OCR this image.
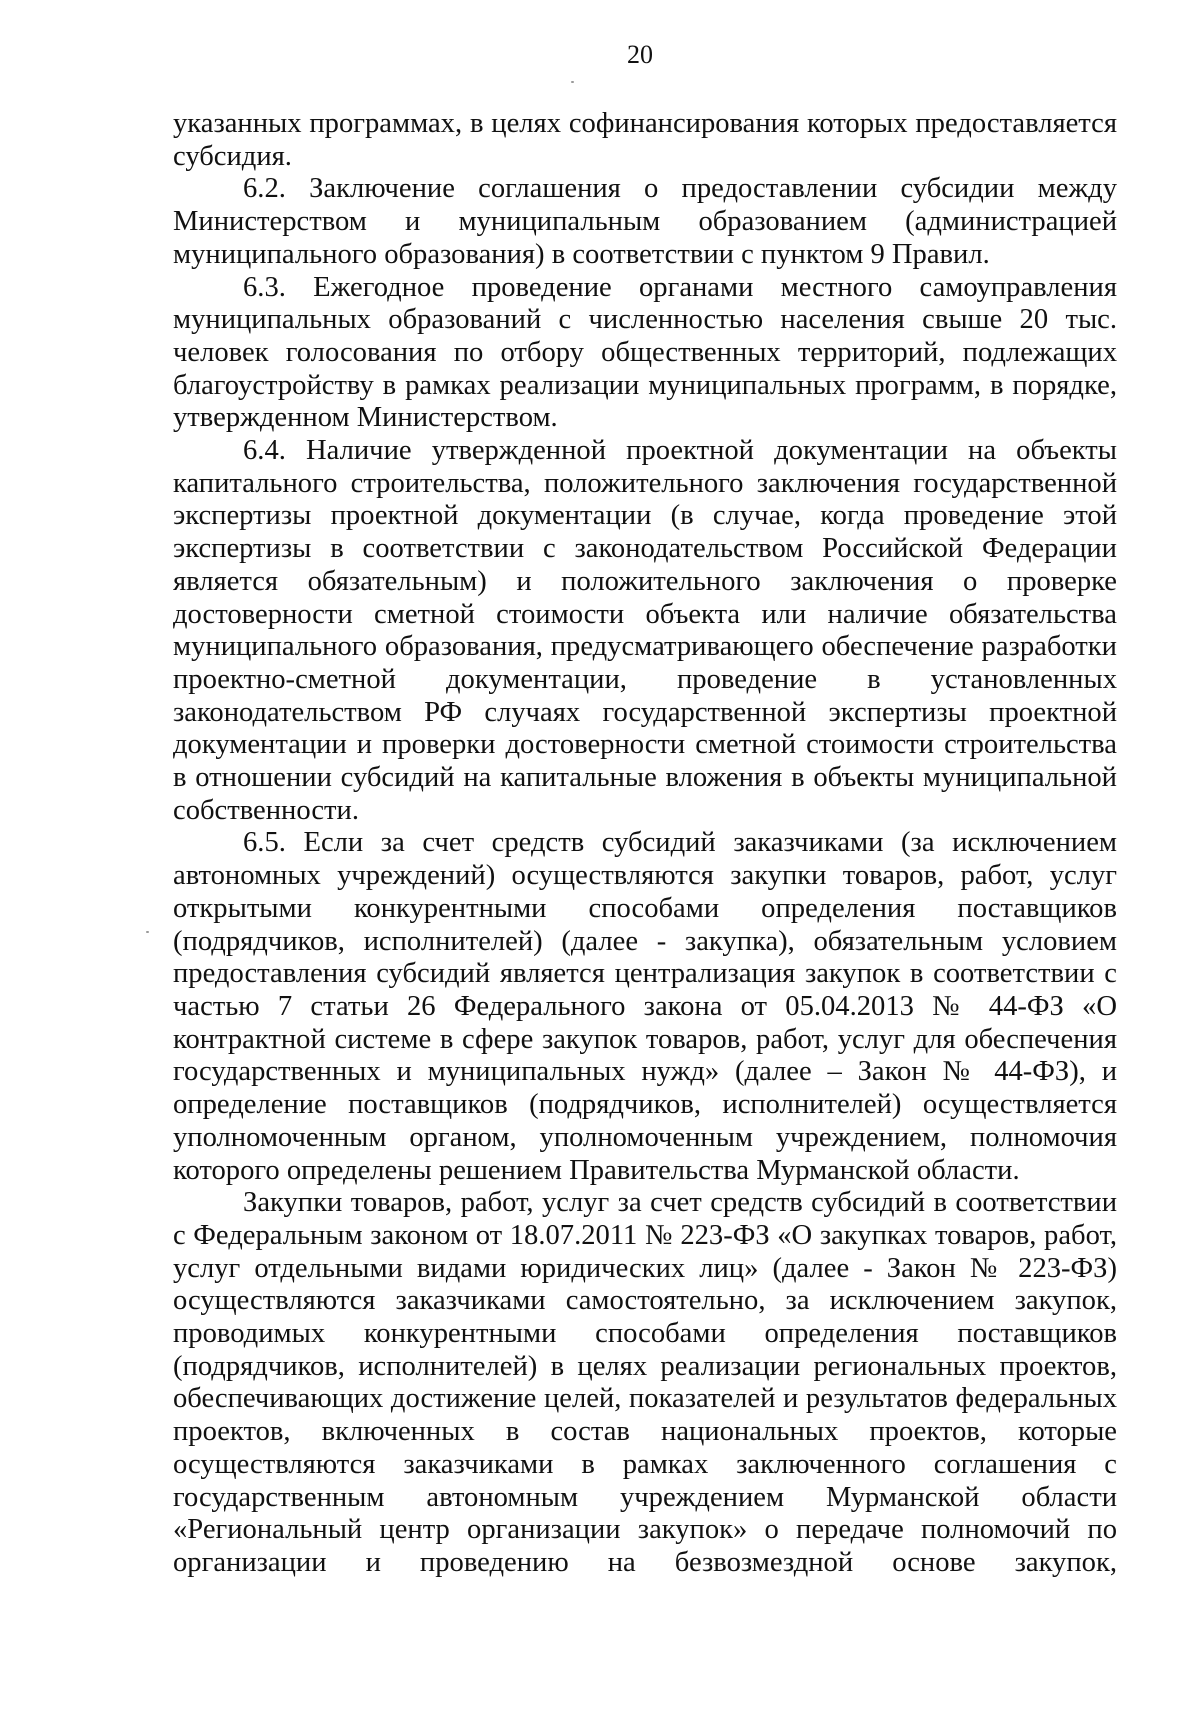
20

указанных программах, в целях софинансирования которых предоставляется субсидия.

6.2. Заключение соглашения о предоставлении субсидии между Министерством и муниципальным образованием (администрацией муниципального образования) в соответствии с пунктом 9 Правил.

6.3. Ежегодное проведение органами местного самоуправления муниципальных образований с численностью населения свыше 20 тыс. человек голосования по отбору общественных территорий, подлежащих благоустройству в рамках реализации муниципальных программ, в порядке, утвержденном Министерством.

6.4. Наличие утвержденной проектной документации на объекты капитального строительства, положительного заключения государственной экспертизы проектной документации (в случае, когда проведение этой экспертизы в соответствии с законодательством Российской Федерации является обязательным) и положительного заключения о проверке достоверности сметной стоимости объекта или наличие обязательства муниципального образования, предусматривающего обеспечение разработки проектно-сметной документации, проведение в установленных законодательством РФ случаях государственной экспертизы проектной документации и проверки достоверности сметной стоимости строительства в отношении субсидий на капитальные вложения в объекты муниципальной собственности.

6.5. Если за счет средств субсидий заказчиками (за исключением автономных учреждений) осуществляются закупки товаров, работ, услуг открытыми конкурентными способами определения поставщиков (подрядчиков, исполнителей) (далее - закупка), обязательным условием предоставления субсидий является централизация закупок в соответствии с частью 7 статьи 26 Федерального закона от 05.04.2013 № 44-ФЗ «О контрактной системе в сфере закупок товаров, работ, услуг для обеспечения государственных и муниципальных нужд» (далее – Закон № 44-ФЗ), и определение поставщиков (подрядчиков, исполнителей) осуществляется уполномоченным органом, уполномоченным учреждением, полномочия которого определены решением Правительства Мурманской области.

Закупки товаров, работ, услуг за счет средств субсидий в соответствии с Федеральным законом от 18.07.2011 № 223-ФЗ «О закупках товаров, работ, услуг отдельными видами юридических лиц» (далее - Закон № 223-ФЗ) осуществляются заказчиками самостоятельно, за исключением закупок, проводимых конкурентными способами определения поставщиков (подрядчиков, исполнителей) в целях реализации региональных проектов, обеспечивающих достижение целей, показателей и результатов федеральных проектов, включенных в состав национальных проектов, которые осуществляются заказчиками в рамках заключенного соглашения с государственным автономным учреждением Мурманской области «Региональный центр организации закупок» о передаче полномочий по организации и проведению на безвозмездной основе закупок,
